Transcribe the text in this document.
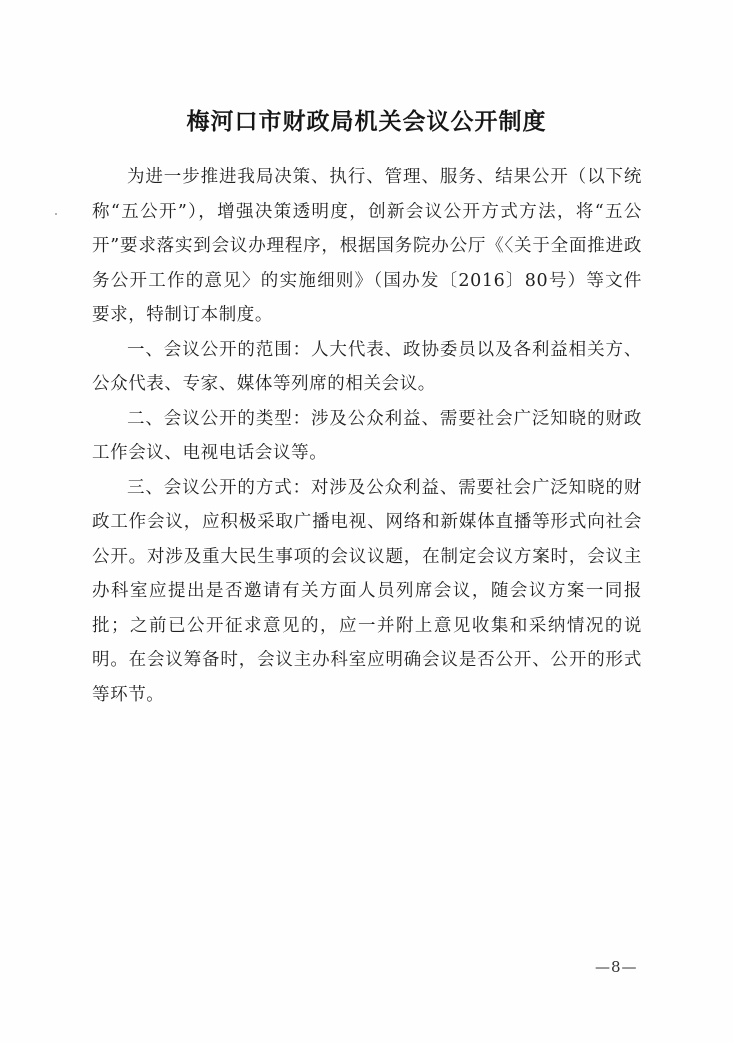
梅河口市财政局机关会议公开制度

为进一步推进我局决策、执行、管理、服务、结果公开（以下统称“五公开”），增强决策透明度，创新会议公开方式方法，将“五公开”要求落实到会议办理程序，根据国务院办公厅《〈关于全面推进政务公开工作的意见〉的实施细则》（国办发〔2016〕80号）等文件要求，特制订本制度。

一、会议公开的范围：人大代表、政协委员以及各利益相关方、公众代表、专家、媒体等列席的相关会议。

二、会议公开的类型：涉及公众利益、需要社会广泛知晓的财政工作会议、电视电话会议等。

三、会议公开的方式：对涉及公众利益、需要社会广泛知晓的财政工作会议，应积极采取广播电视、网络和新媒体直播等形式向社会公开。对涉及重大民生事项的会议议题，在制定会议方案时，会议主办科室应提出是否邀请有关方面人员列席会议，随会议方案一同报批；之前已公开征求意见的，应一并附上意见收集和采纳情况的说明。在会议筹备时，会议主办科室应明确会议是否公开、公开的形式等环节。

—8—
